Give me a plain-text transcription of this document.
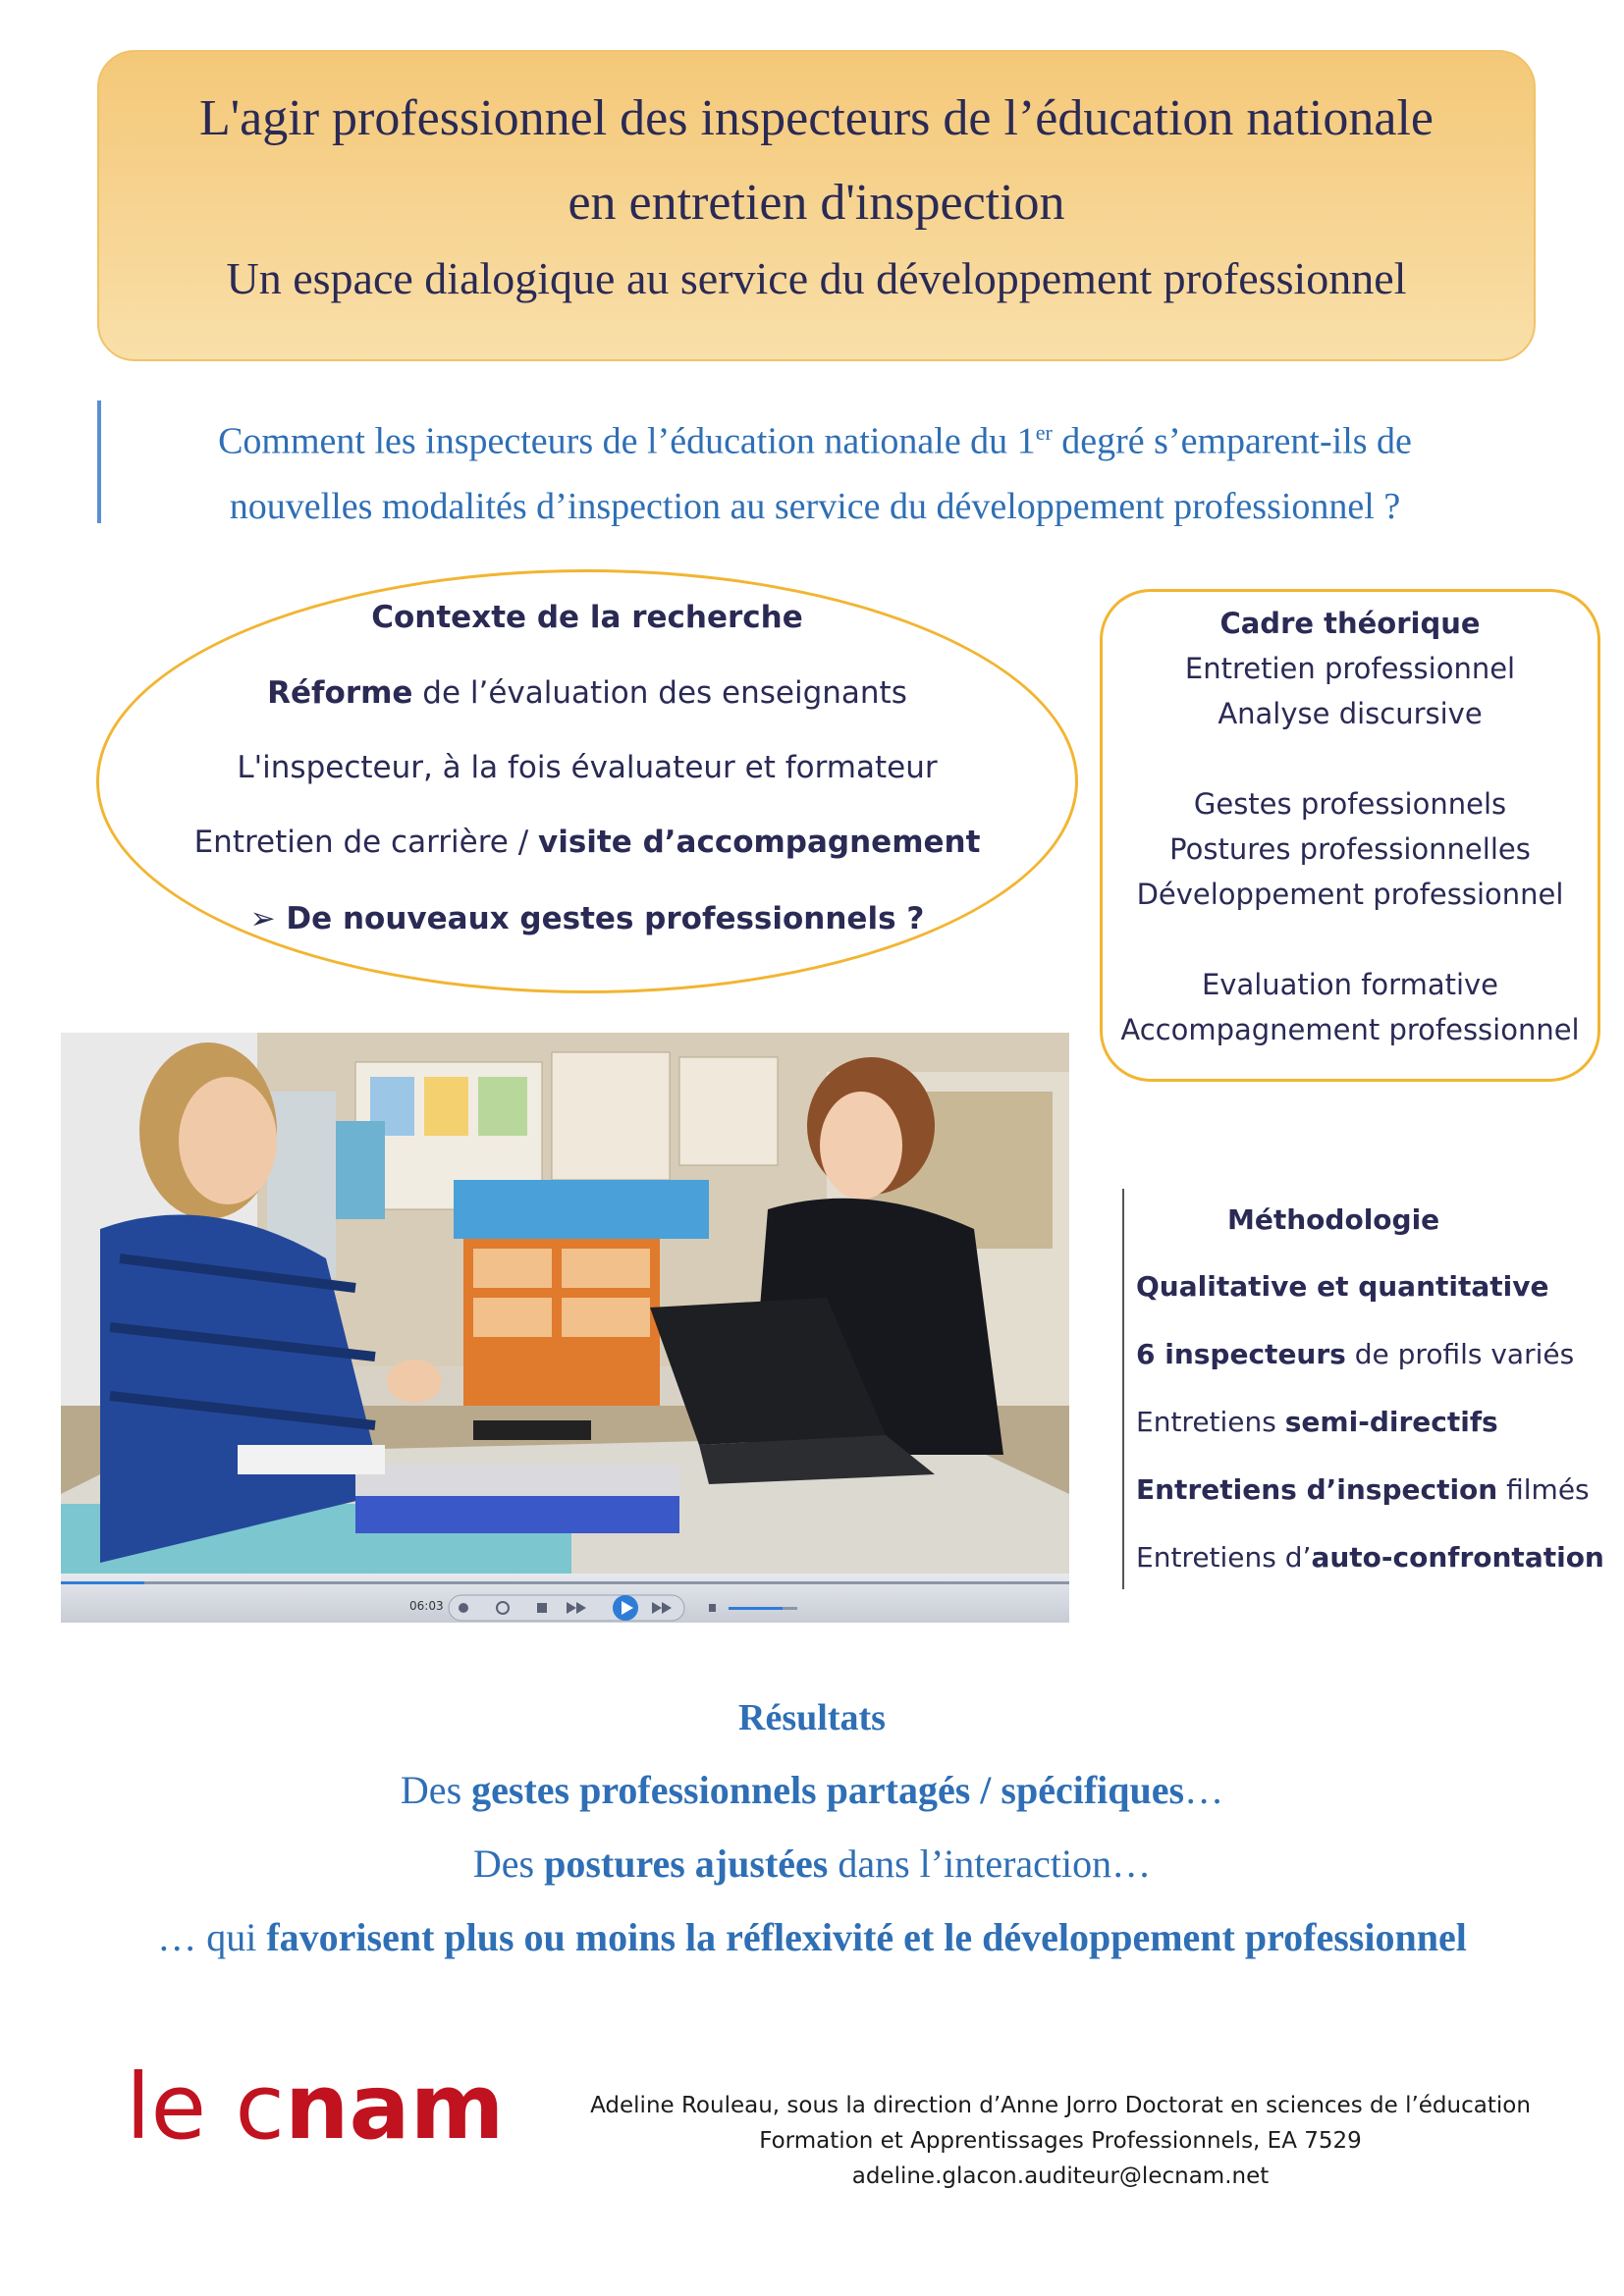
L'agir professionnel des inspecteurs de l’éducation nationale
en entretien d'inspection
Un espace dialogique au service du développement professionnel
Comment les inspecteurs de l’éducation nationale du 1er degré s’emparent-ils de
nouvelles modalités d’inspection au service du développement professionnel ?
Contexte de la recherche
Réforme de l’évaluation des enseignants
L'inspecteur, à la fois évaluateur et formateur
Entretien de carrière / visite d’accompagnement
➢ De nouveaux gestes professionnels ?
Cadre théorique
Entretien professionnel
Analyse discursive
Gestes professionnels
Postures professionnelles
Développement professionnel
Evaluation formative
Accompagnement professionnel
06:03
Méthodologie
Qualitative et quantitative
6 inspecteurs de profils variés
Entretiens semi-directifs
Entretiens d’inspection filmés
Entretiens d’auto-confrontation
Résultats
Des gestes professionnels partagés / spécifiques…
Des postures ajustées dans l’interaction…
… qui favorisent plus ou moins la réflexivité et le développement professionnel
le cnam	Adeline Rouleau, sous la direction d’Anne Jorro Doctorat en sciences de l’éducation
Formation et Apprentissages Professionnels, EA 7529
adeline.glacon.auditeur@lecnam.net
